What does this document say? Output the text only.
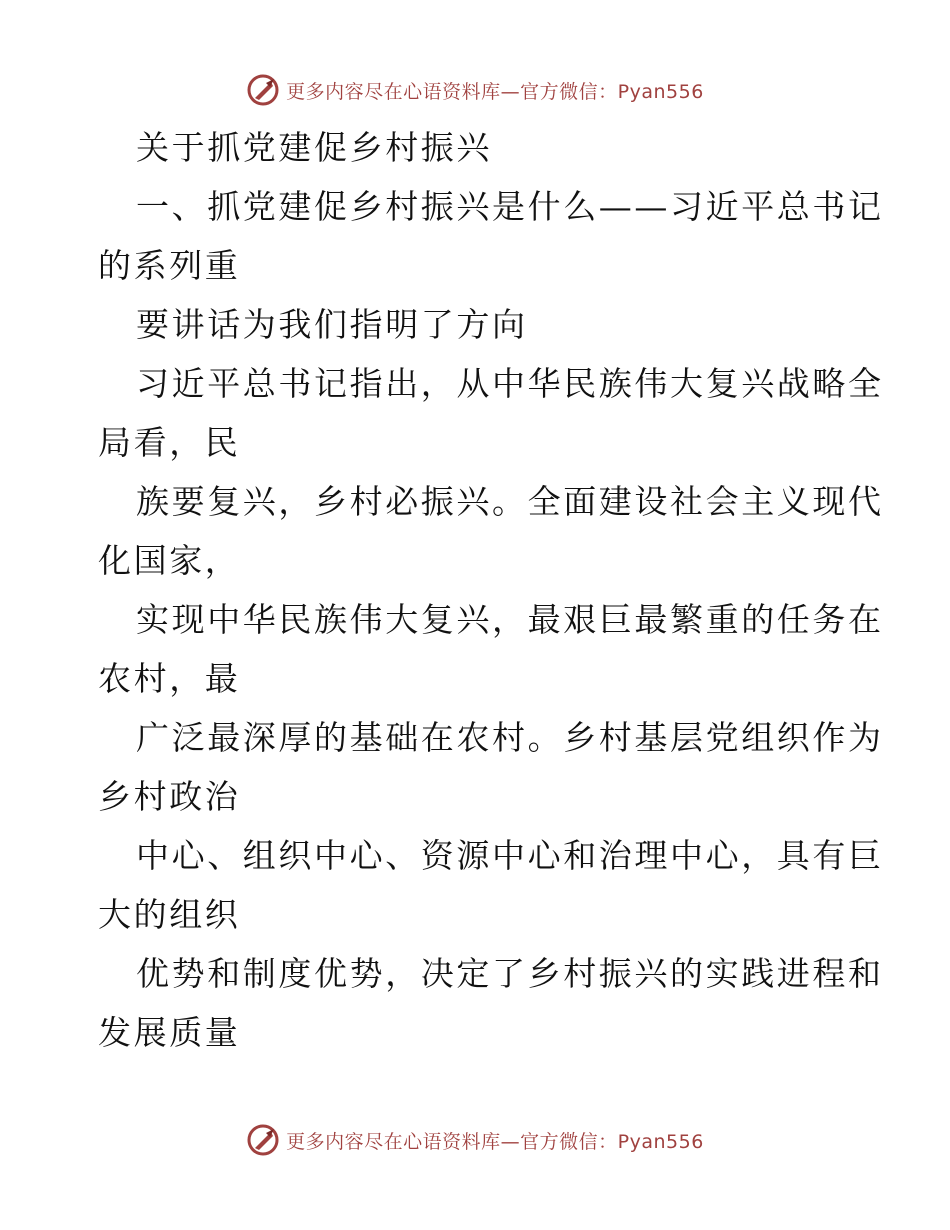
更多内容尽在心语资料库—官方微信：Pyan556

关于抓党建促乡村振兴

一、抓党建促乡村振兴是什么——习近平总书记

的系列重

要讲话为我们指明了方向

习近平总书记指出，从中华民族伟大复兴战略全

局看，民

族要复兴，乡村必振兴。全面建设社会主义现代

化国家，

实现中华民族伟大复兴，最艰巨最繁重的任务在

农村，最

广泛最深厚的基础在农村。乡村基层党组织作为

乡村政治

中心、组织中心、资源中心和治理中心，具有巨

大的组织

优势和制度优势，决定了乡村振兴的实践进程和

发展质量

更多内容尽在心语资料库—官方微信：Pyan556
